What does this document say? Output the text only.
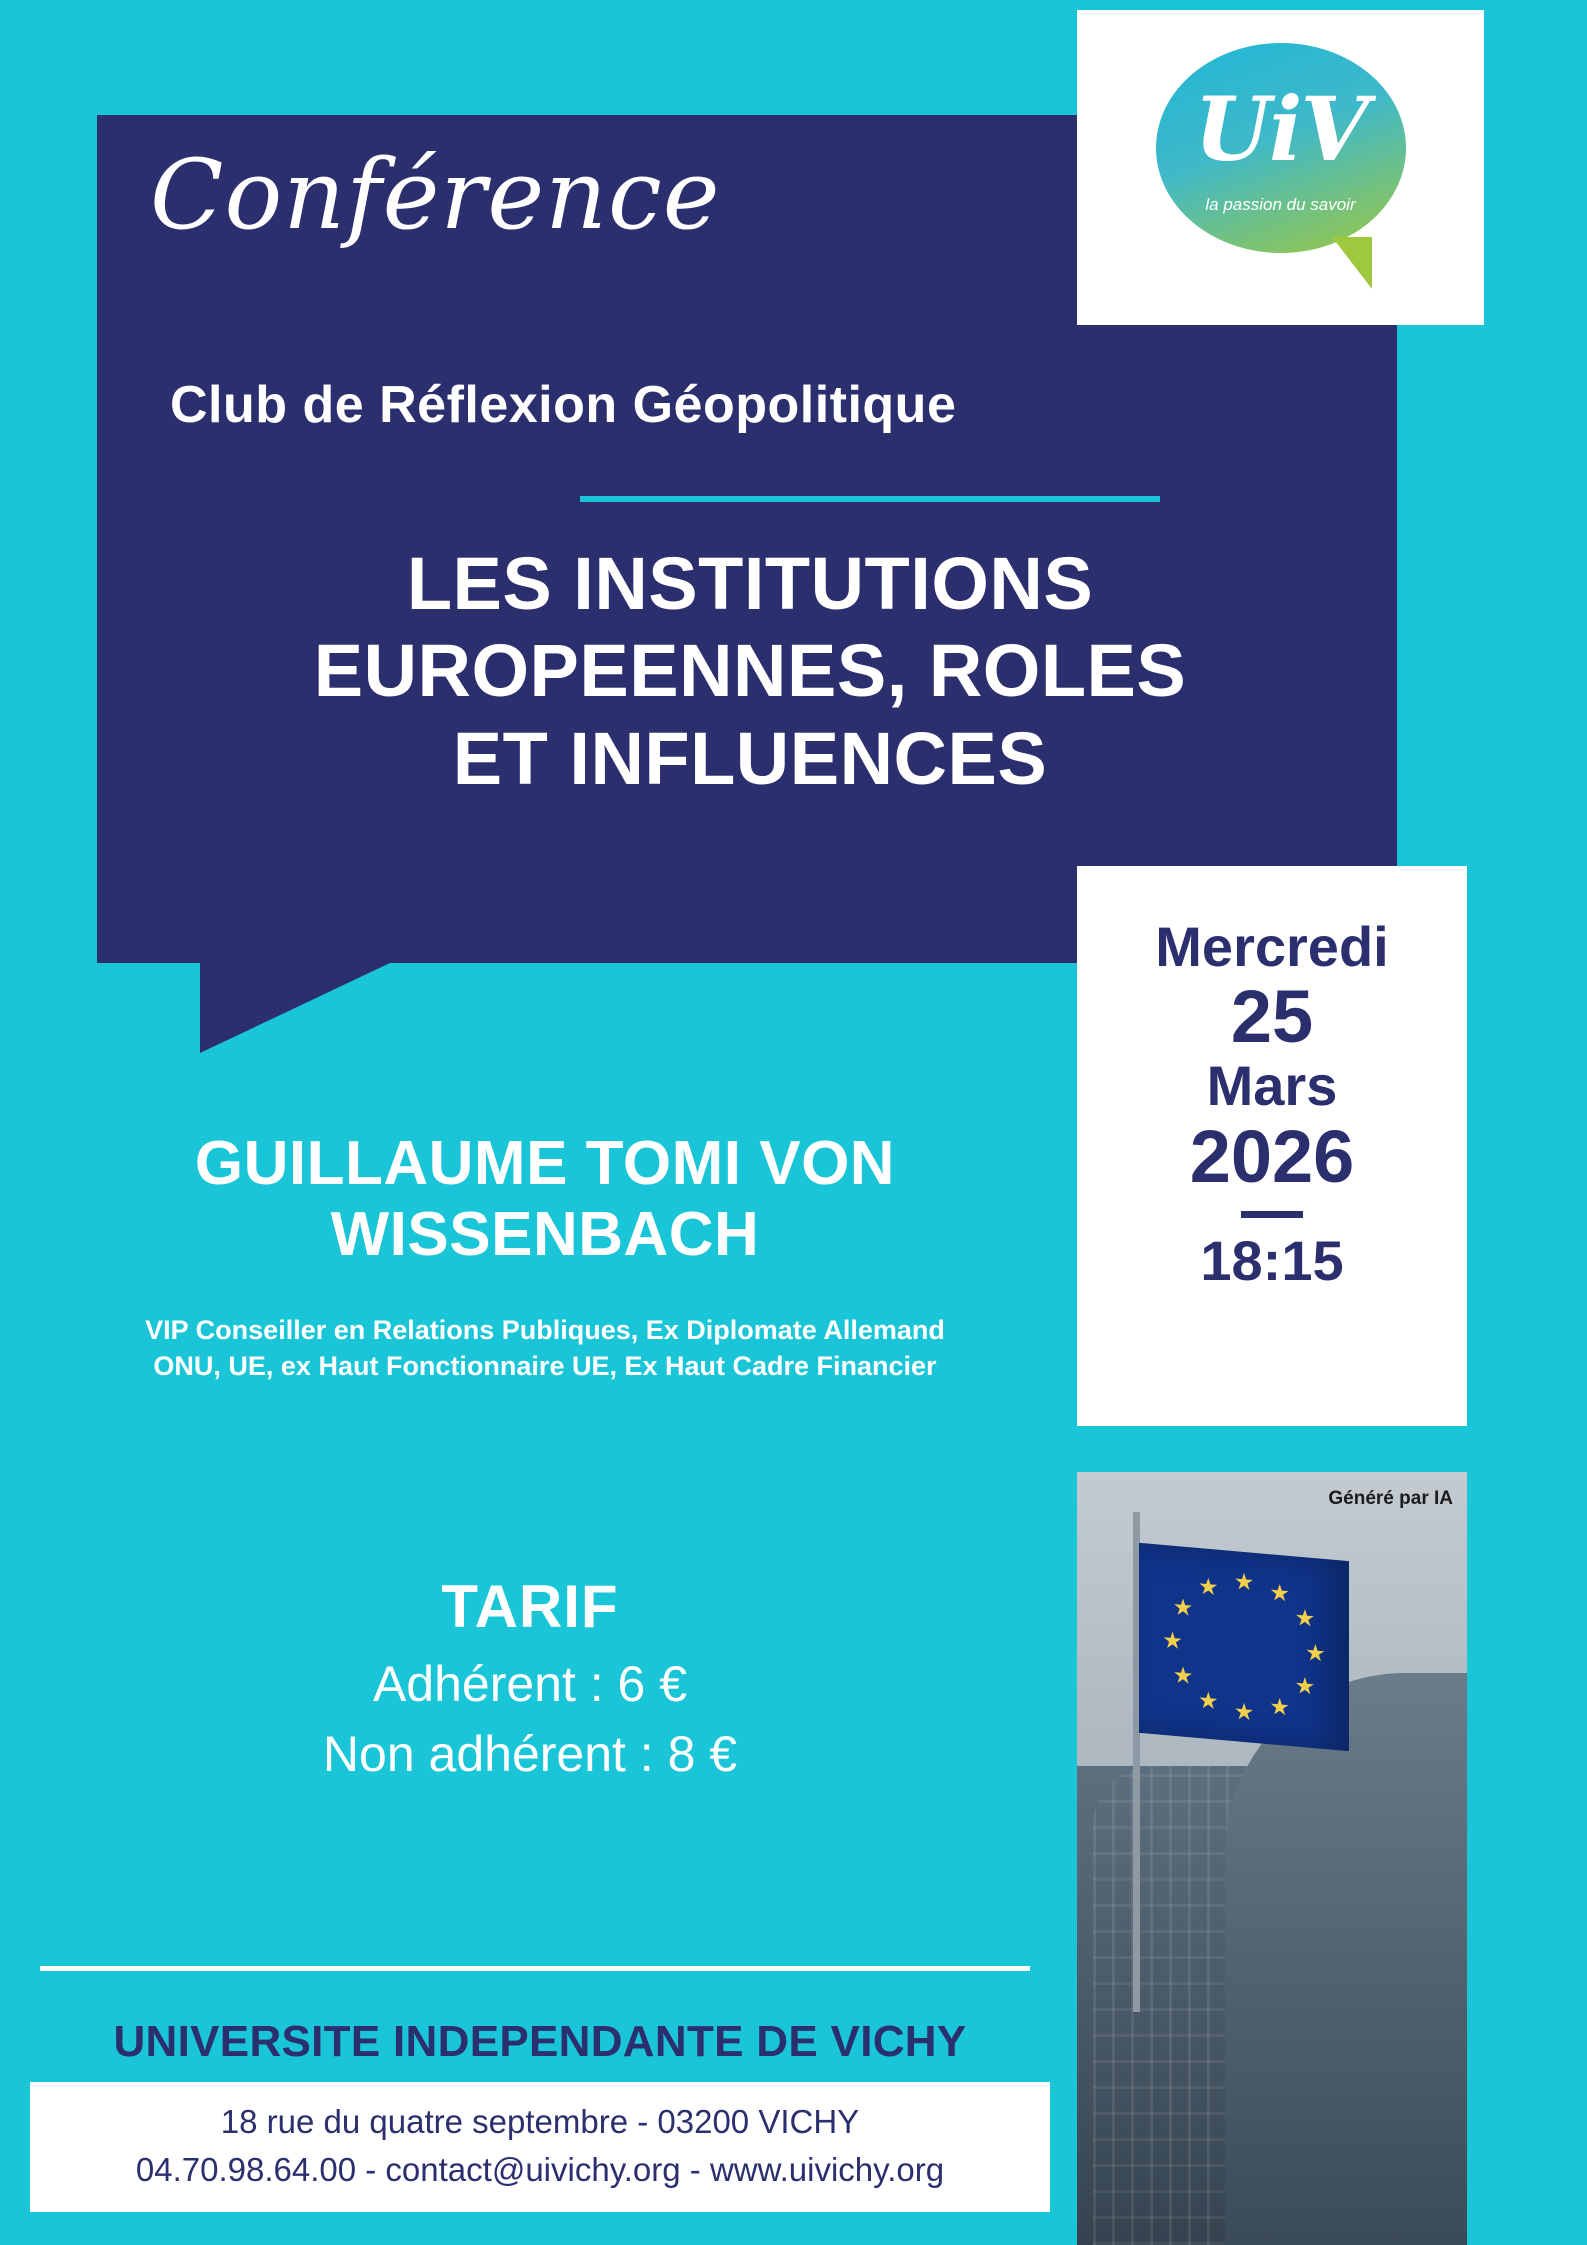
Conférence
Club de Réflexion Géopolitique
LES INSTITUTIONS
EUROPEENNES, ROLES
ET INFLUENCES
UiV
la passion du savoir
GUILLAUME TOMI VON
WISSENBACH
VIP Conseiller en Relations Publiques, Ex Diplomate Allemand
ONU, UE, ex Haut Fonctionnaire UE, Ex Haut Cadre Financier
Mercredi
25
Mars
2026
18:15
TARIF
Adhérent : 6 €
Non adhérent : 8 €
★ ★
★
★
★
★
★
★
★
★
★
★
Généré par IA
UNIVERSITE INDEPENDANTE DE VICHY
18 rue du quatre septembre - 03200 VICHY
04.70.98.64.00 - contact@uivichy.org - www.uivichy.org
